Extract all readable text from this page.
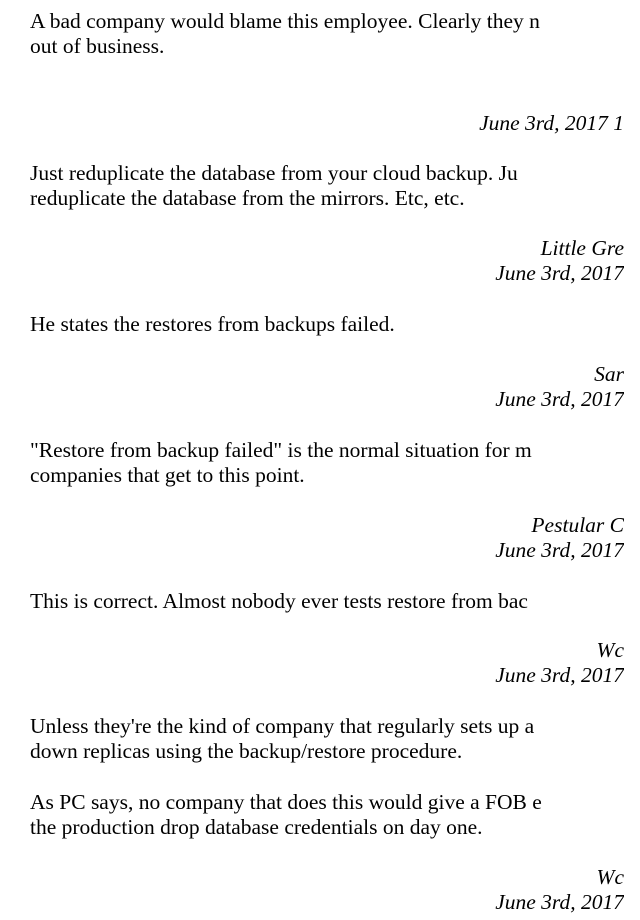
A bad company would blame this employee. Clearly they n
out of business.

June 3rd, 2017 1

Just reduplicate the database from your cloud backup. Ju
reduplicate the database from the mirrors. Etc, etc.

Little Gre
June 3rd, 2017

He states the restores from backups failed.

Sar
June 3rd, 2017

"Restore from backup failed" is the normal situation for m
companies that get to this point.

Pestular C
June 3rd, 2017

This is correct. Almost nobody ever tests restore from bac

Wc
June 3rd, 2017

Unless they're the kind of company that regularly sets up a
down replicas using the backup/restore procedure.

As PC says, no company that does this would give a FOB e
the production drop database credentials on day one.

Wc
June 3rd, 2017
